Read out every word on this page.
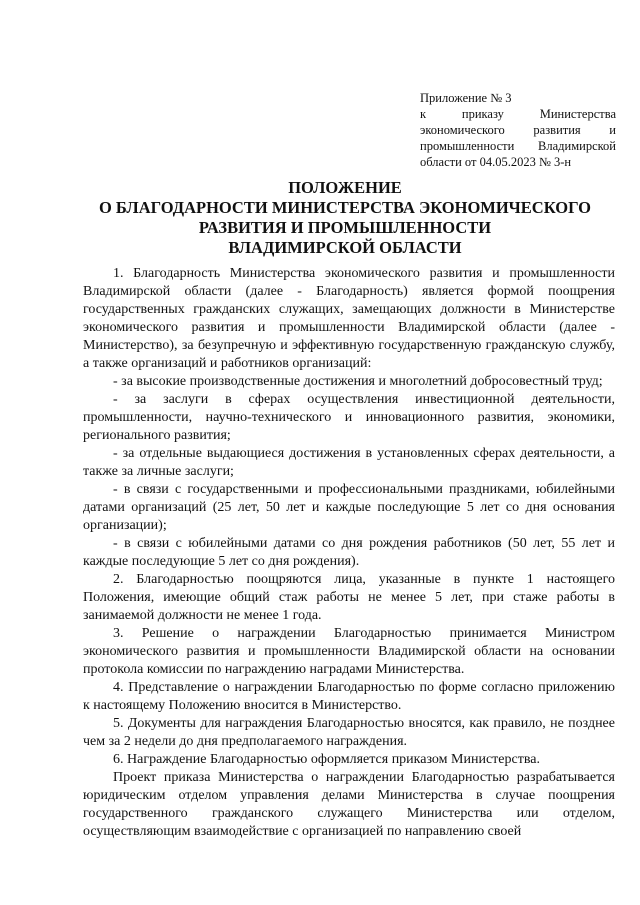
Приложение № 3
к приказу Министерства
экономического развития и
промышленности Владимирской
области от 04.05.2023 № 3-н
ПОЛОЖЕНИЕ
О БЛАГОДАРНОСТИ МИНИСТЕРСТВА ЭКОНОМИЧЕСКОГО
РАЗВИТИЯ И ПРОМЫШЛЕННОСТИ
ВЛАДИМИРСКОЙ ОБЛАСТИ

1. Благодарность Министерства экономического развития и промышленности Владимирской области (далее - Благодарность) является формой поощрения государственных гражданских служащих, замещающих должности в Министерстве экономического развития и промышленности Владимирской области (далее - Министерство), за безупречную и эффективную государственную гражданскую службу, а также организаций и работников организаций:

- за высокие производственные достижения и многолетний добросовестный труд;

- за заслуги в сферах осуществления инвестиционной деятельности, промышленности, научно-технического и инновационного развития, экономики, регионального развития;

- за отдельные выдающиеся достижения в установленных сферах деятельности, а также за личные заслуги;

- в связи с государственными и профессиональными праздниками, юбилейными датами организаций (25 лет, 50 лет и каждые последующие 5 лет со дня основания организации);

- в связи с юбилейными датами со дня рождения работников (50 лет, 55 лет и каждые последующие 5 лет со дня рождения).

2. Благодарностью поощряются лица, указанные в пункте 1 настоящего Положения, имеющие общий стаж работы не менее 5 лет, при стаже работы в занимаемой должности не менее 1 года.

3. Решение о награждении Благодарностью принимается Министром экономического развития и промышленности Владимирской области на основании протокола комиссии по награждению наградами Министерства.

4. Представление о награждении Благодарностью по форме согласно приложению к настоящему Положению вносится в Министерство.

5. Документы для награждения Благодарностью вносятся, как правило, не позднее чем за 2 недели до дня предполагаемого награждения.

6. Награждение Благодарностью оформляется приказом Министерства.

Проект приказа Министерства о награждении Благодарностью разрабатывается юридическим отделом управления делами Министерства в случае поощрения государственного гражданского служащего Министерства или отделом, осуществляющим взаимодействие с организацией по направлению своей
